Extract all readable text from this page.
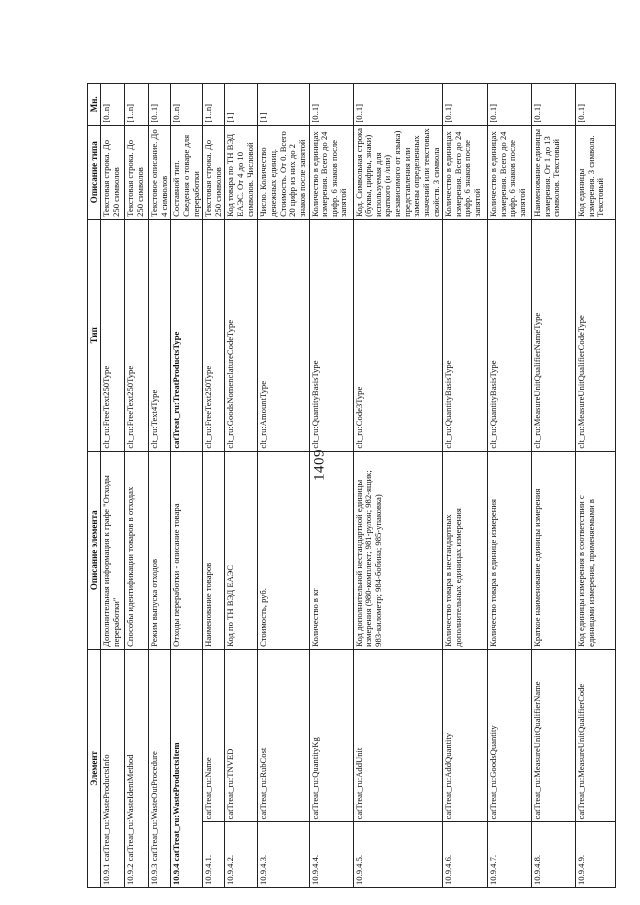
1409
Элемент		Описание элемента	Тип	Описание типа	Мн.
10.9.1 catTreat_ru:WasteProductsInfo		Дополнительная информация к графе "Отходы переработки"	clt_ru:FreeText250Type	Текстовая строка. До 250 символов	[0..n]
10.9.2 catTreat_ru:WasteIdentMethod		Способы идентификации товаров в отходах	clt_ru:FreeText250Type	Текстовая строка. До 250 символов	[1..n]
10.9.3 catTreat_ru:WasteOutProcedure		Режим выпуска отходов	clt_ru:Text4Type	Текстовое описание. До 4 символов	[0..1]
10.9.4 catTreat_ru:WasteProductsItem		Отходы переработки - описание товара	catTreat_ru:TreatProductsType	Составной тип. Сведения о товаре для переработки	[0..n]
10.9.4.1.	catTreat_ru:Name	Наименование товаров	clt_ru:FreeText250Type	Текстовая строка. До 250 символов	[1..n]
10.9.4.2.	catTreat_ru:TNVED	Код по ТН ВЭД ЕАЭС	clt_ru:GoodsNomenclatureCodeType	Код товара по ТН ВЭД ЕАЭС. От 4 до 10 символов. Числовой	[1]
10.9.4.3.	catTreat_ru:RubCost	Стоимость, руб.	clt_ru:AmountType	Число. Количество денежных единиц. Стоимость. От 0. Всего 20 цифр из них до 2 знаков после запятой	[1]
10.9.4.4.	catTreat_ru:QuantityKg	Количество в кг	clt_ru:QuantityBasisType	Количество в единицах измерения. Всего до 24 цифр. 6 знаков после запятой	[0..1]
10.9.4.5.	catTreat_ru:AddUnit	Код дополнительной нестандартной единицы измерения (980-комплект; 981-рулон; 982-ящик; 983-километр; 984-бобина; 985-упаковка)	clt_ru:Code3Type	Код. Символьная строка (буквы, цифры, знаки) используемая для краткого (и /или) независимого от языка) представления или замены определенных значений или текстовых свойств. 3 символа	[0..1]
10.9.4.6.	catTreat_ru:AddQuantity	Количество товара в нестандартных дополнительных единицах измерения	clt_ru:QuantityBasisType	Количество в единицах измерения. Всего до 24 цифр. 6 знаков после запятой	[0..1]
10.9.4.7.	catTreat_ru:GoodsQuantity	Количество товара в единице измерения	clt_ru:QuantityBasisType	Количество в единицах измерения. Всего до 24 цифр. 6 знаков после запятой	[0..1]
10.9.4.8.	catTreat_ru:MeasureUnitQualifierName	Краткое наименование единицы измерения	clt_ru:MeasureUnitQualifierNameType	Наименование единицы измерения. От 1 до 13 символов. Текстовый	[0..1]
10.9.4.9.	catTreat_ru:MeasureUnitQualifierCode	Код единицы измерения в соответствии с единицами измерения, применяемыми в	clt_ru:MeasureUnitQualifierCodeType	Код единицы измерения. 3 символа. Текстовый	[0..1]
